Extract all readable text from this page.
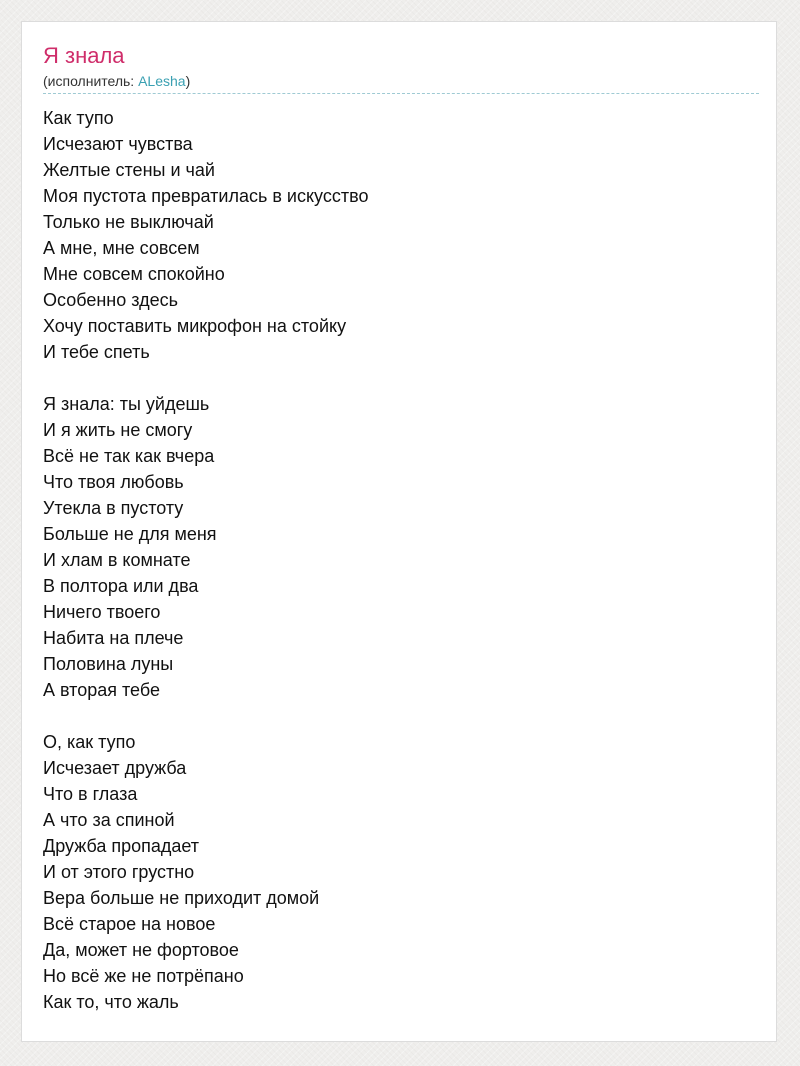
Я знала
(исполнитель: ALesha)
Как тупо
Исчезают чувства
Желтые стены и чай
Моя пустота превратилась в искусство
Только не выключай
А мне, мне совсем
Мне совсем спокойно
Особенно здесь
Хочу поставить микрофон на стойку
И тебе спеть
Я знала: ты уйдешь
И я жить не смогу
Всё не так как вчера
Что твоя любовь
Утекла в пустоту
Больше не для меня
И хлам в комнате
В полтора или два
Ничего твоего
Набита на плече
Половина луны
А вторая тебе
О, как тупо
Исчезает дружба
Что в глаза
А что за спиной
Дружба пропадает
И от этого грустно
Вера больше не приходит домой
Всё старое на новое
Да, может не фортовое
Но всё же не потрёпано
Как то, что жаль
